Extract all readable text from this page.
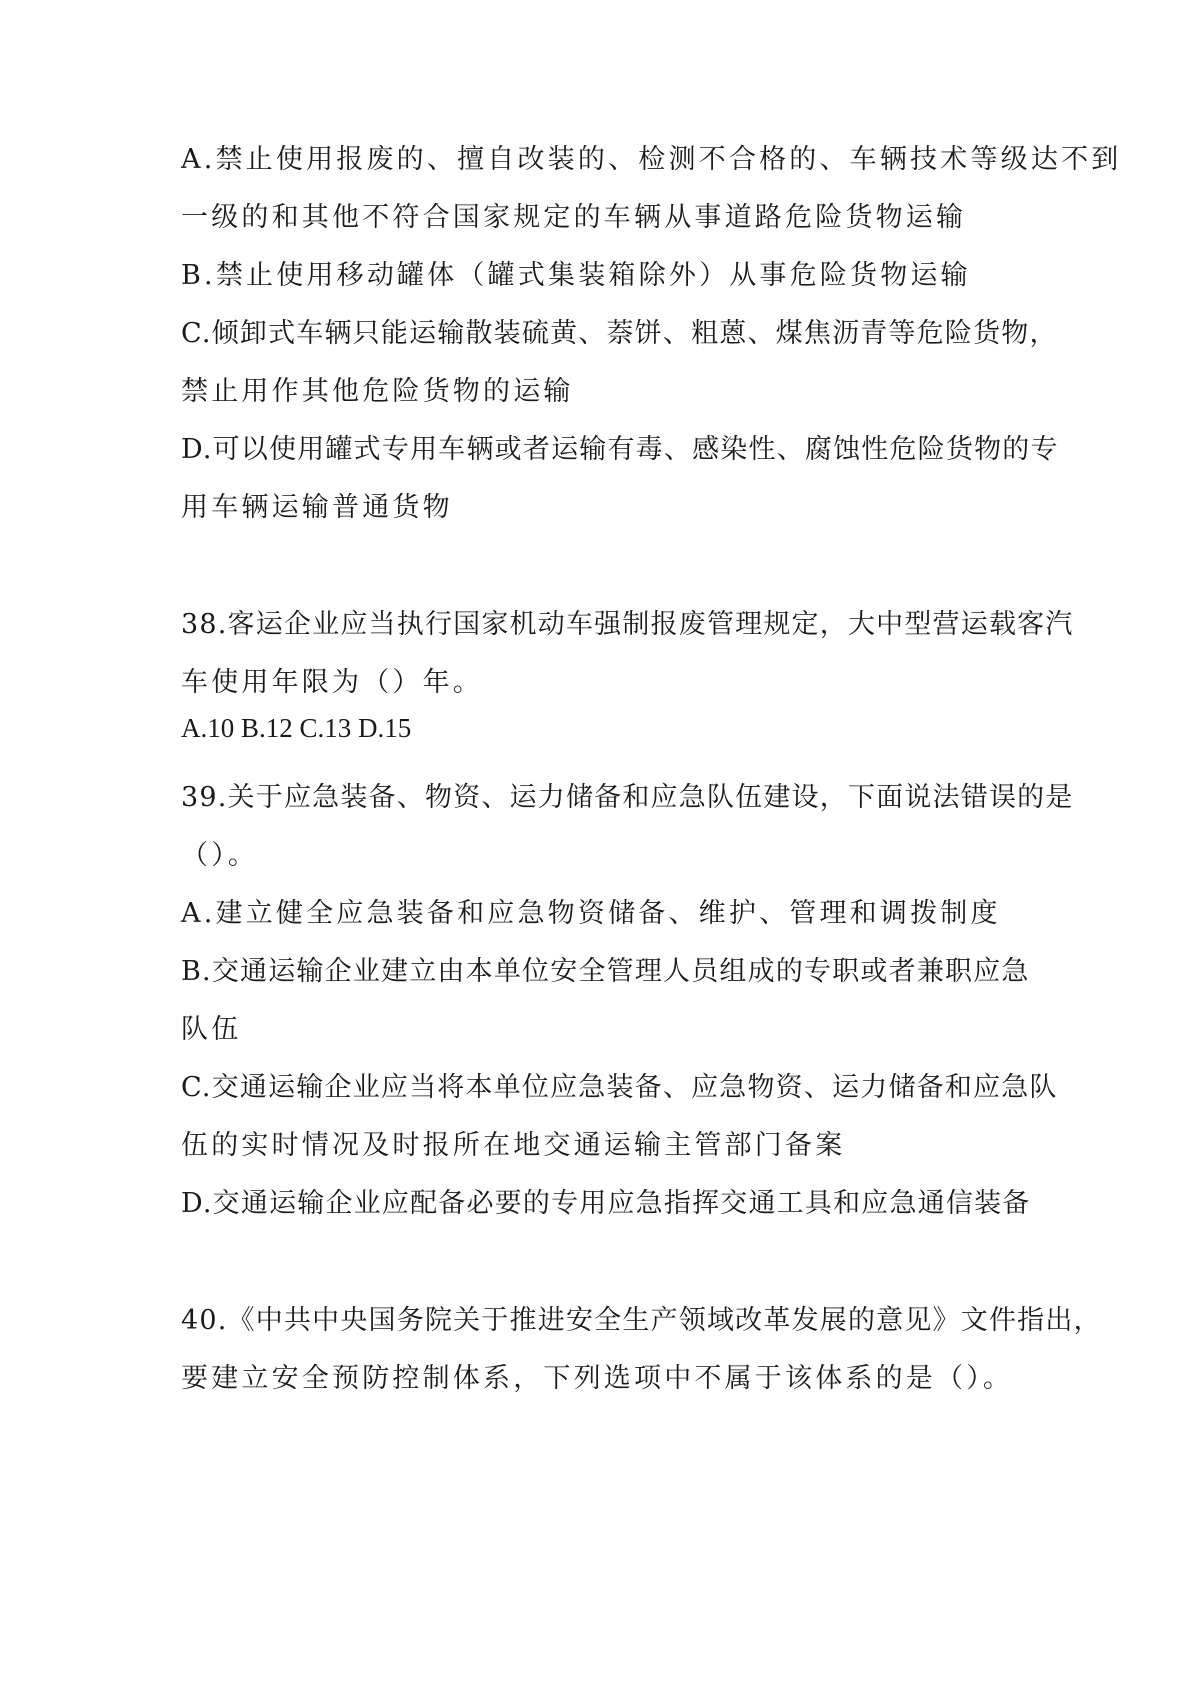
A.禁止使用报废的、擅自改装的、检测不合格的、车辆技术等级达不到
一级的和其他不符合国家规定的车辆从事道路危险货物运输
B.禁止使用移动罐体（罐式集装箱除外）从事危险货物运输
C.倾卸式车辆只能运输散装硫黄、萘饼、粗蒽、煤焦沥青等危险货物，
禁止用作其他危险货物的运输
D.可以使用罐式专用车辆或者运输有毒、感染性、腐蚀性危险货物的专
用车辆运输普通货物
38.客运企业应当执行国家机动车强制报废管理规定，大中型营运载客汽
车使用年限为（）年。
A.10 B.12 C.13 D.15
39.关于应急装备、物资、运力储备和应急队伍建设，下面说法错误的是
（）。
A.建立健全应急装备和应急物资储备、维护、管理和调拨制度
B.交通运输企业建立由本单位安全管理人员组成的专职或者兼职应急
队伍
C.交通运输企业应当将本单位应急装备、应急物资、运力储备和应急队
伍的实时情况及时报所在地交通运输主管部门备案
D.交通运输企业应配备必要的专用应急指挥交通工具和应急通信装备
40.《中共中央国务院关于推进安全生产领域改革发展的意见》文件指出，
要建立安全预防控制体系，下列选项中不属于该体系的是（）。
